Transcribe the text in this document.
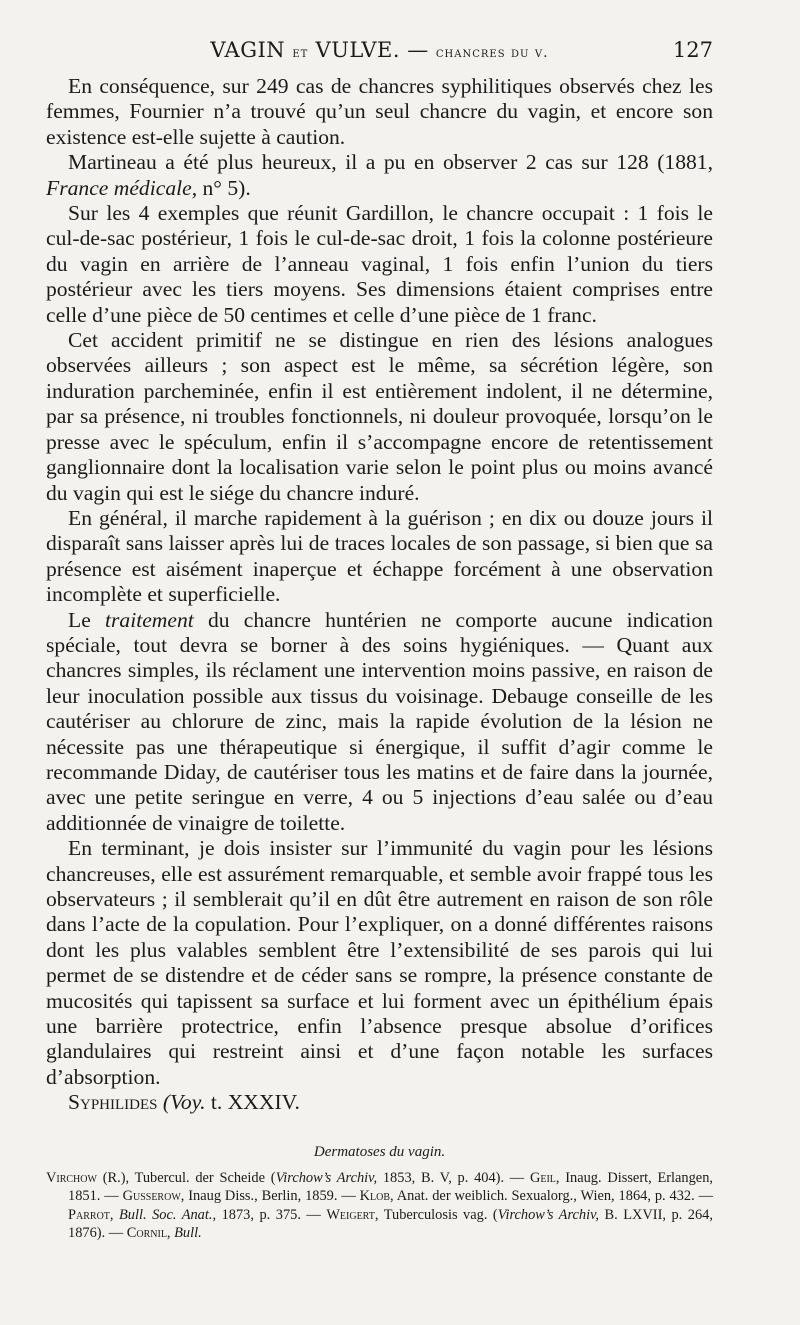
VAGIN et VULVE. — chancres du v.	127

En conséquence, sur 249 cas de chancres syphilitiques observés chez les femmes, Fournier n’a trouvé qu’un seul chancre du vagin, et encore son existence est-elle sujette à caution.

Martineau a été plus heureux, il a pu en observer 2 cas sur 128 (1881, France médicale, n° 5).

Sur les 4 exemples que réunit Gardillon, le chancre occupait : 1 fois le cul-de-sac postérieur, 1 fois le cul-de-sac droit, 1 fois la colonne postérieure du vagin en arrière de l’anneau vaginal, 1 fois enfin l’union du tiers postérieur avec les tiers moyens. Ses dimensions étaient comprises entre celle d’une pièce de 50 centimes et celle d’une pièce de 1 franc.

Cet accident primitif ne se distingue en rien des lésions analogues observées ailleurs ; son aspect est le même, sa sécrétion légère, son induration parcheminée, enfin il est entièrement indolent, il ne détermine, par sa présence, ni troubles fonctionnels, ni douleur provoquée, lorsqu’on le presse avec le spéculum, enfin il s’accompagne encore de retentissement ganglionnaire dont la localisation varie selon le point plus ou moins avancé du vagin qui est le siége du chancre induré.

En général, il marche rapidement à la guérison ; en dix ou douze jours il disparaît sans laisser après lui de traces locales de son passage, si bien que sa présence est aisément inaperçue et échappe forcément à une observation incomplète et superficielle.

Le traitement du chancre huntérien ne comporte aucune indication spéciale, tout devra se borner à des soins hygiéniques. — Quant aux chancres simples, ils réclament une intervention moins passive, en raison de leur inoculation possible aux tissus du voisinage. Debauge conseille de les cautériser au chlorure de zinc, mais la rapide évolution de la lésion ne nécessite pas une thérapeutique si énergique, il suffit d’agir comme le recommande Diday, de cautériser tous les matins et de faire dans la journée, avec une petite seringue en verre, 4 ou 5 injections d’eau salée ou d’eau additionnée de vinaigre de toilette.

En terminant, je dois insister sur l’immunité du vagin pour les lésions chancreuses, elle est assurément remarquable, et semble avoir frappé tous les observateurs ; il semblerait qu’il en dût être autrement en raison de son rôle dans l’acte de la copulation. Pour l’expliquer, on a donné différentes raisons dont les plus valables semblent être l’extensibilité de ses parois qui lui permet de se distendre et de céder sans se rompre, la présence constante de mucosités qui tapissent sa surface et lui forment avec un épithélium épais une barrière protectrice, enfin l’absence presque absolue d’orifices glandulaires qui restreint ainsi et d’une façon notable les surfaces d’absorption.

Syphilides (Voy. t. XXXIV.

Dermatoses du vagin.
Virchow (R.), Tubercul. der Scheide (Virchow’s Archiv, 1853, B. V, p. 404). — Geil, Inaug. Dissert, Erlangen, 1851. — Gusserow, Inaug Diss., Berlin, 1859. — Klob, Anat. der weiblich. Sexualorg., Wien, 1864, p. 432. — Parrot, Bull. Soc. Anat., 1873, p. 375. — Weigert, Tuberculosis vag. (Virchow’s Archiv, B. LXVII, p. 264, 1876). — Cornil, Bull.
